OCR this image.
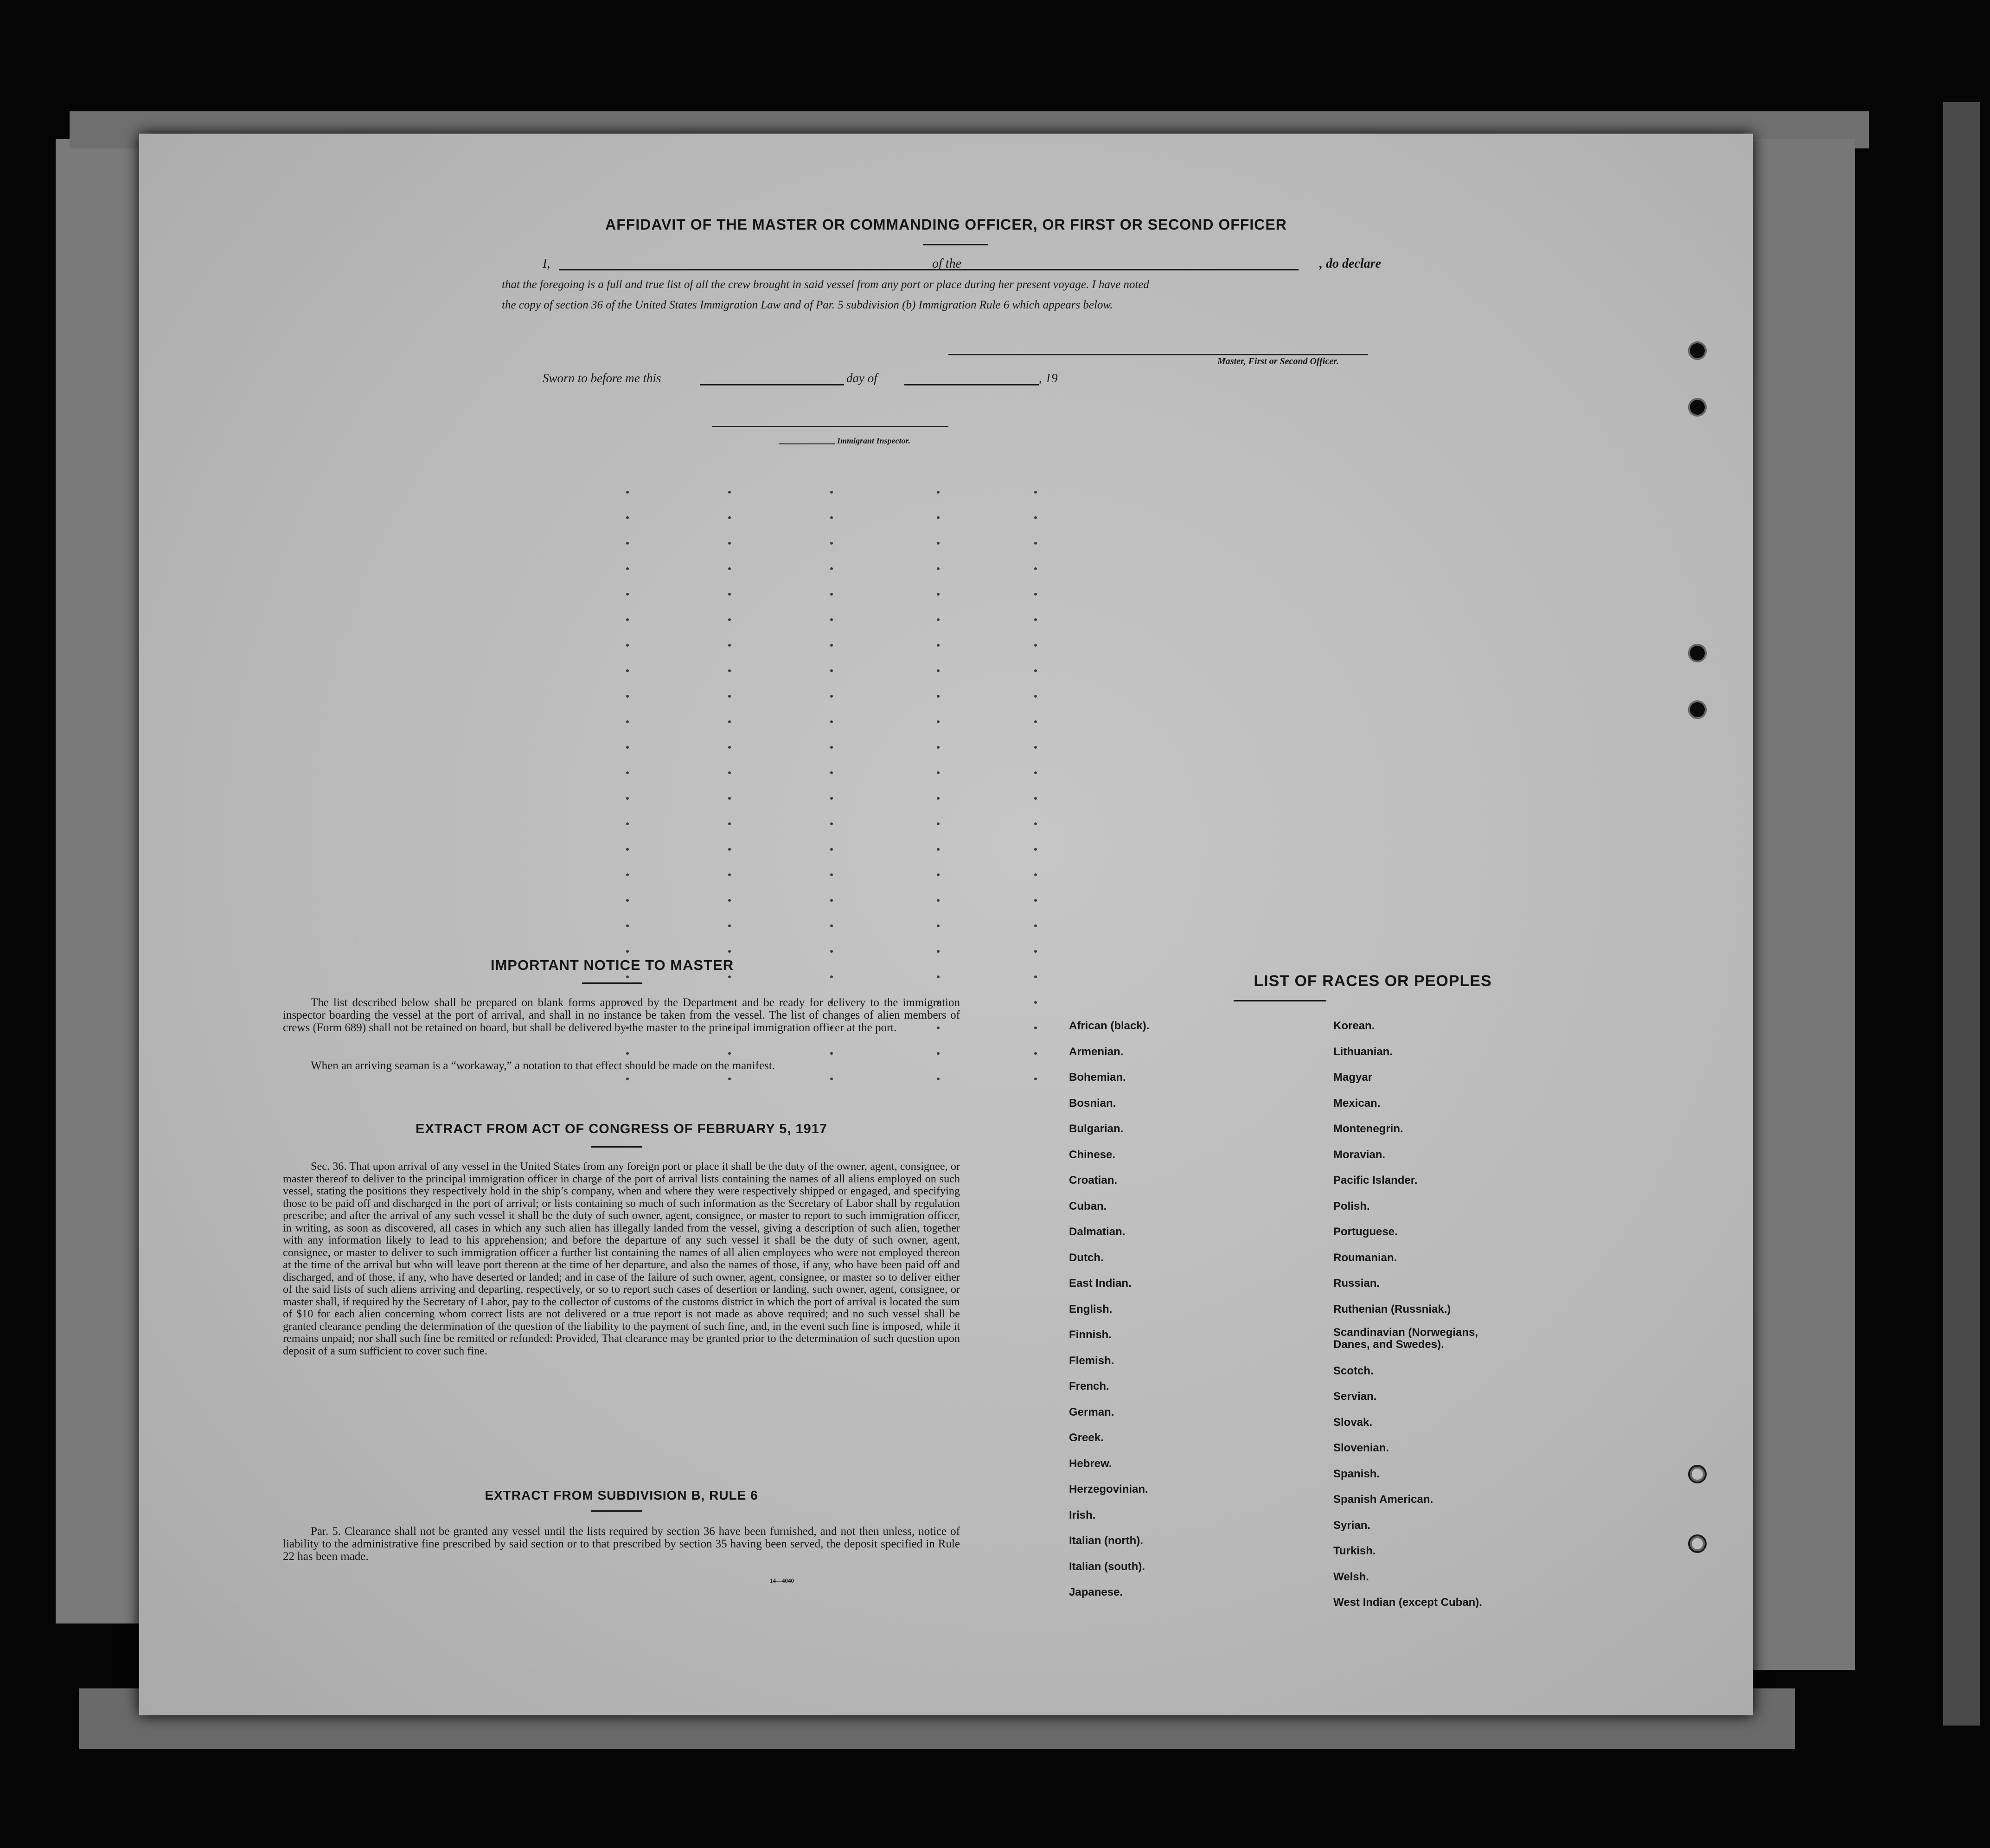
AFFIDAVIT OF THE MASTER OR COMMANDING OFFICER, OR FIRST OR SECOND OFFICER
I,	of the	, do declare
that the foregoing is a full and true list of all the crew brought in said vessel from any port or place during her present voyage. I have noted
the copy of section 36 of the United States Immigration Law and of Par. 5 subdivision (b) Immigration Rule 6 which appears below.
Master, First or Second Officer.
Sworn to before me this	day of	, 19
Immigrant Inspector.
IMPORTANT NOTICE TO MASTER
The list described below shall be prepared on blank forms approved by the Department and be ready for delivery to the immigration inspector boarding the vessel at the port of arrival, and shall in no instance be taken from the vessel. The list of changes of alien members of crews (Form 689) shall not be retained on board, but shall be delivered by the master to the principal immigration officer at the port.
When an arriving seaman is a “workaway,” a notation to that effect should be made on the manifest.
EXTRACT FROM ACT OF CONGRESS OF FEBRUARY 5, 1917
Sec. 36. That upon arrival of any vessel in the United States from any foreign port or place it shall be the duty of the owner, agent, consignee, or master thereof to deliver to the principal immigration officer in charge of the port of arrival lists containing the names of all aliens employed on such vessel, stating the positions they respectively hold in the ship’s company, when and where they were respectively shipped or engaged, and specifying those to be paid off and discharged in the port of arrival; or lists containing so much of such information as the Secretary of Labor shall by regulation prescribe; and after the arrival of any such vessel it shall be the duty of such owner, agent, consignee, or master to report to such immigration officer, in writing, as soon as discovered, all cases in which any such alien has illegally landed from the vessel, giving a description of such alien, together with any information likely to lead to his apprehension; and before the departure of any such vessel it shall be the duty of such owner, agent, consignee, or master to deliver to such immigration officer a further list containing the names of all alien employees who were not employed thereon at the time of the arrival but who will leave port thereon at the time of her departure, and also the names of those, if any, who have been paid off and discharged, and of those, if any, who have deserted or landed; and in case of the failure of such owner, agent, consignee, or master so to deliver either of the said lists of such aliens arriving and departing, respectively, or so to report such cases of desertion or landing, such owner, agent, consignee, or master shall, if required by the Secretary of Labor, pay to the collector of customs of the customs district in which the port of arrival is located the sum of $10 for each alien concerning whom correct lists are not delivered or a true report is not made as above required; and no such vessel shall be granted clearance pending the determination of the question of the liability to the payment of such fine, and, in the event such fine is imposed, while it remains unpaid; nor shall such fine be remitted or refunded: Provided, That clearance may be granted prior to the determination of such question upon deposit of a sum sufficient to cover such fine.
EXTRACT FROM SUBDIVISION B, RULE 6
Par. 5. Clearance shall not be granted any vessel until the lists required by section 36 have been furnished, and not then unless, notice of liability to the administrative fine prescribed by said section or to that prescribed by section 35 having been served, the deposit specified in Rule 22 has been made.
14—4040
LIST OF RACES OR PEOPLES
African (black).
Armenian.
Bohemian.
Bosnian.
Bulgarian.
Chinese.
Croatian.
Cuban.
Dalmatian.
Dutch.
East Indian.
English.
Finnish.
Flemish.
French.
German.
Greek.
Hebrew.
Herzegovinian.
Irish.
Italian (north).
Italian (south).
Japanese.
Korean.
Lithuanian.
Magyar
Mexican.
Montenegrin.
Moravian.
Pacific Islander.
Polish.
Portuguese.
Roumanian.
Russian.
Ruthenian (Russniak.)
Scandinavian (Norwegians, Danes, and Swedes).
Scotch.
Servian.
Slovak.
Slovenian.
Spanish.
Spanish American.
Syrian.
Turkish.
Welsh.
West Indian (except Cuban).
